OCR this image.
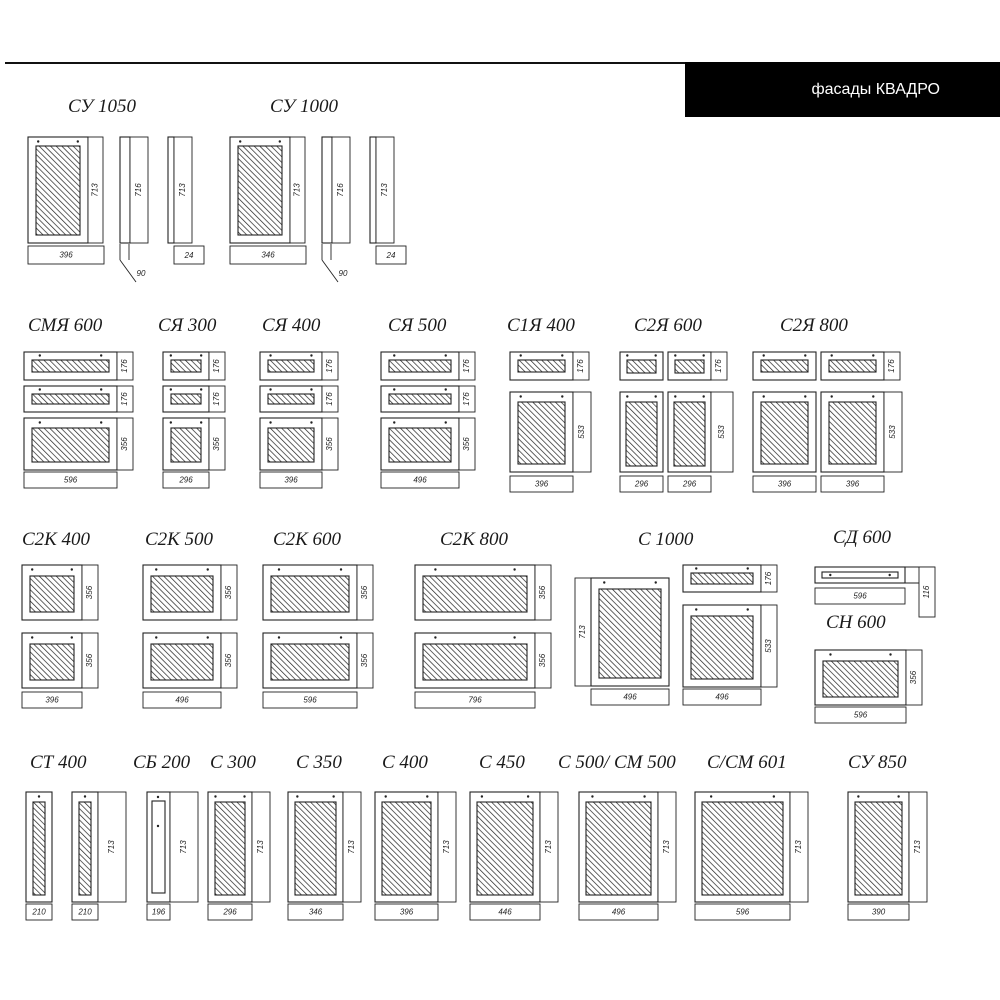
фасады КВАДРО
СУ 1050
713
396
716
90
713
24
СУ 1000
713
346
716
90
713
24
СМЯ 600
176
176
356
596
СЯ 300
176
176
356
296
СЯ 400
176
176
356
396
СЯ 500
176
176
356
496
С1Я 400
176
533
396
С2Я 600
176
533
296	296
С2Я 800
176
533
396	396
С2К 400
356
356
396
С2К 500
356
356
496
С2К 600
356
356
596
С2К 800
356
356
796
С 1000
713
496
176
533
496
СД 600
596	116
СН 600
356
596
СТ 400
210
713
210
СБ 200
713
196
С 300
713
296
С 350
713
346
С 400
713
396
С 450
713
446
С 500/ СМ 500
713
496
С/СМ 601
713
596
СУ 850
713
390
